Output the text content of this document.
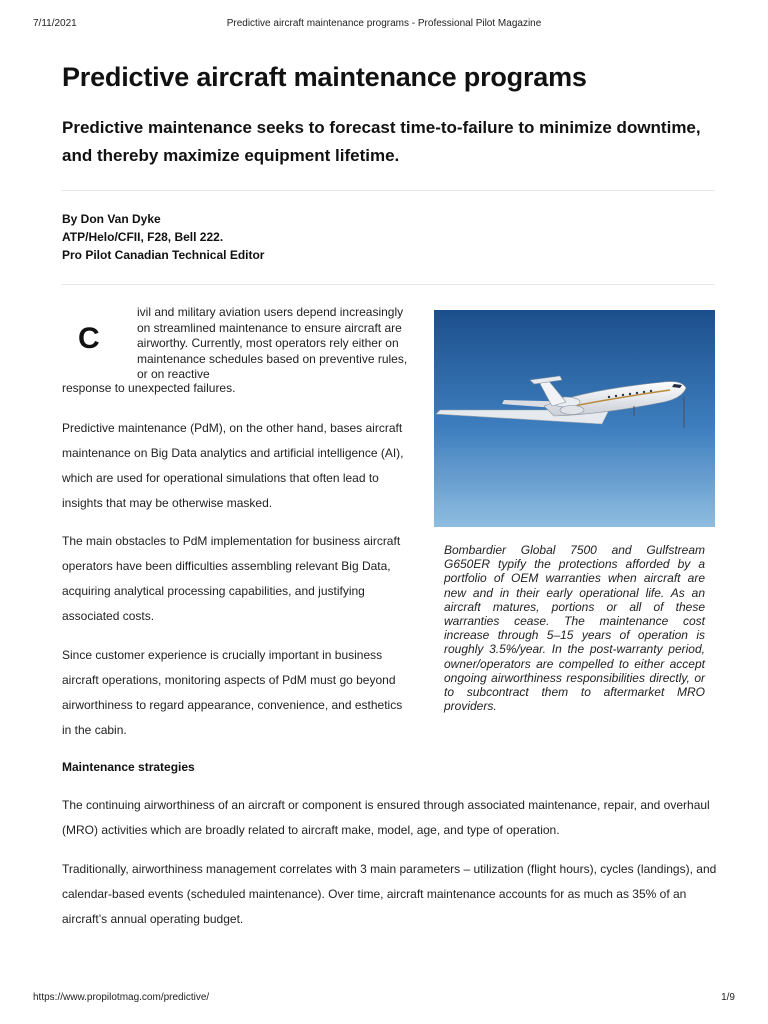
7/11/2021	Predictive aircraft maintenance programs - Professional Pilot Magazine
Predictive aircraft maintenance programs

Predictive maintenance seeks to forecast time-to-failure to minimize downtime, and thereby maximize equipment lifetime.

By Don Van Dyke
ATP/Helo/CFII, F28, Bell 222.
Pro Pilot Canadian Technical Editor
C
ivil and military aviation users depend increasingly on streamlined maintenance to ensure aircraft are airworthy. Currently, most operators rely either on maintenance schedules based on preventive rules, or on reactive
response to unexpected failures.

Predictive maintenance (PdM), on the other hand, bases aircraft maintenance on Big Data analytics and artificial intelligence (AI), which are used for operational simulations that often lead to insights that may be otherwise masked.

The main obstacles to PdM implementation for business aircraft operators have been difficulties assembling relevant Big Data, acquiring analytical processing capabilities, and justifying associated costs.

Since customer experience is crucially important in business aircraft operations, monitoring aspects of PdM must go beyond airworthiness to regard appearance, convenience, and esthetics in the cabin.

Bombardier Global 7500 and Gulfstream G650ER typify the protections afforded by a portfolio of OEM warranties when aircraft are new and in their early operational life. As an aircraft matures, portions or all of these warranties cease. The maintenance cost increase through 5–15 years of operation is roughly 3.5%/year. In the post-warranty period, owner/operators are compelled to either accept ongoing airworthiness responsibilities directly, or to subcontract them to aftermarket MRO providers.
Maintenance strategies

The continuing airworthiness of an aircraft or component is ensured through associated maintenance, repair, and overhaul (MRO) activities which are broadly related to aircraft make, model, age, and type of operation.

Traditionally, airworthiness management correlates with 3 main parameters – utilization (flight hours), cycles (landings), and calendar-based events (scheduled maintenance). Over time, aircraft maintenance accounts for as much as 35% of an aircraft’s annual operating budget.

https://www.propilotmag.com/predictive/	1/9
